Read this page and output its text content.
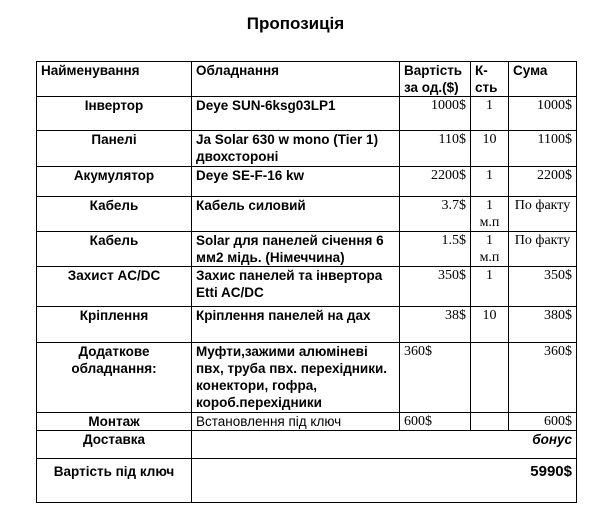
Пропозиція
Найменування	Обладнання	Вартість за од.($)	К-сть	Сума
Інвертор	Deye SUN-6ksg03LP1	1000$	1	1000$
Панелі	Ja Solar 630 w mono (Tier 1) двохстороні	110$	10	1100$
Акумулятор	Deye SE-F-16 kw	2200$	1	2200$
Кабель	Кабель силовий	3.7$	1 м.п	По факту
Кабель	Solar для панелей січення 6 мм2 мідь. (Німеччина)	1.5$	1 м.п	По факту
Захист AC/DC	Захис панелей та інвертора Etti AC/DC	350$	1	350$
Кріплення	Кріплення панелей на дах	38$	10	380$
Додаткове обладнання:	Муфти,зажими алюміневі пвх, труба пвх. перехідники. конектори, гофра, короб.перехідники	360$		360$
Монтаж	Встановлення під ключ	600$		600$
Доставка	бонус			
Вартість під ключ	5990$			
